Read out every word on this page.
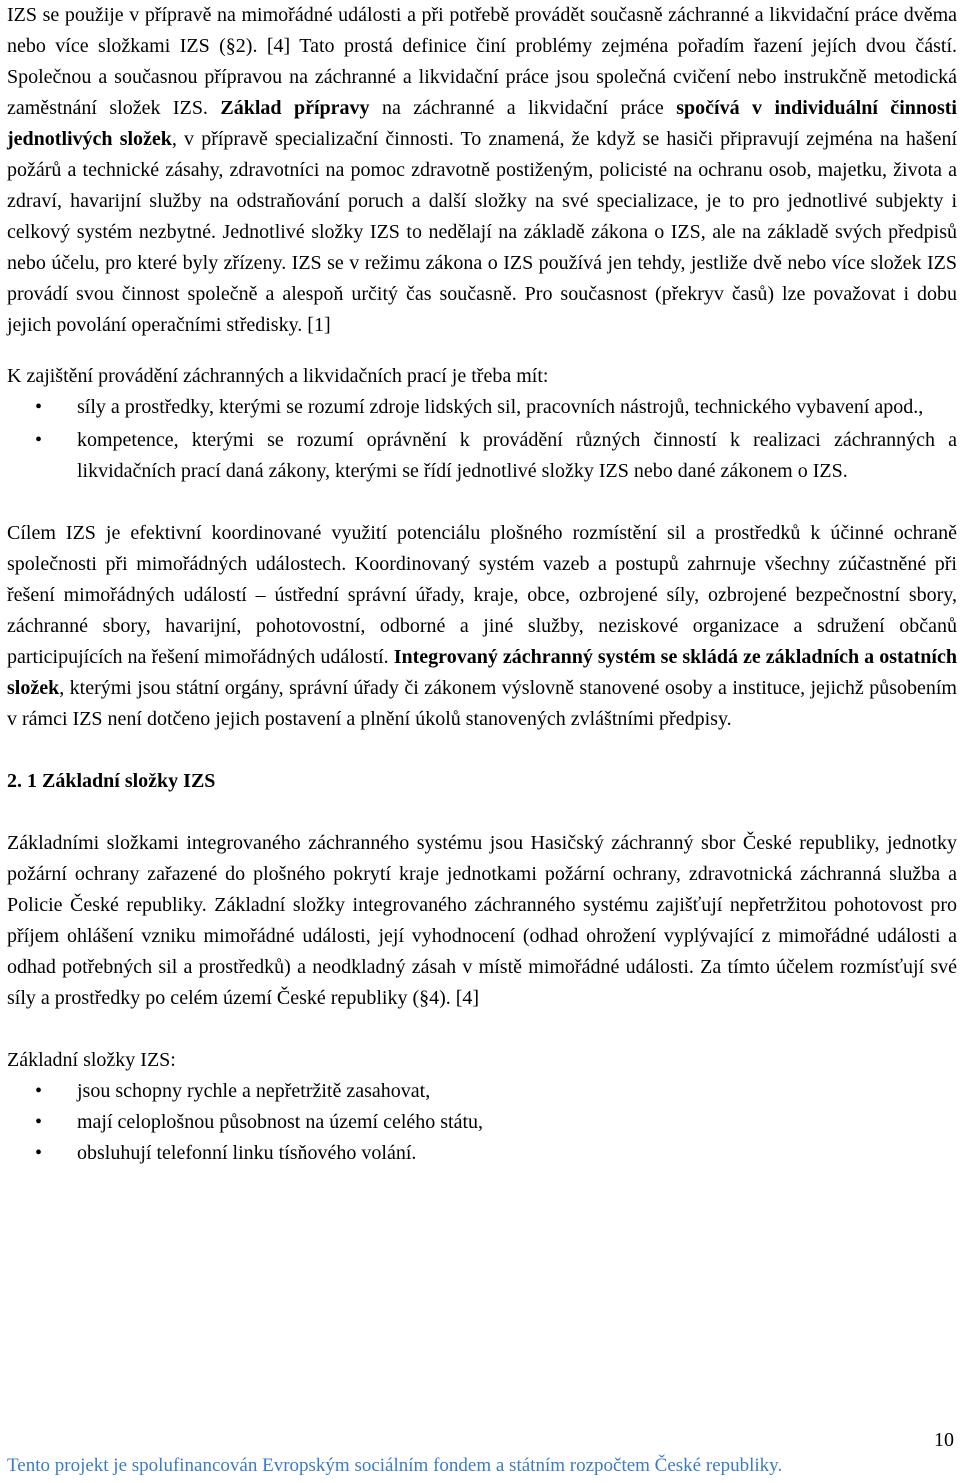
IZS se použije v přípravě na mimořádné události a při potřebě provádět současně záchranné a likvidační práce dvěma nebo více složkami IZS (§2). [4] Tato prostá definice činí problémy zejména pořadím řazení jejích dvou částí. Společnou a současnou přípravou na záchranné a likvidační práce jsou společná cvičení nebo instrukčně metodická zaměstnání složek IZS. Základ přípravy na záchranné a likvidační práce spočívá v individuální činnosti jednotlivých složek, v přípravě specializační činnosti. To znamená, že když se hasiči připravují zejména na hašení požárů a technické zásahy, zdravotníci na pomoc zdravotně postiženým, policisté na ochranu osob, majetku, života a zdraví, havarijní služby na odstraňování poruch a další složky na své specializace, je to pro jednotlivé subjekty i celkový systém nezbytné. Jednotlivé složky IZS to nedělají na základě zákona o IZS, ale na základě svých předpisů nebo účelu, pro které byly zřízeny. IZS se v režimu zákona o IZS používá jen tehdy, jestliže dvě nebo více složek IZS provádí svou činnost společně a alespoň určitý čas současně. Pro současnost (překryv časů) lze považovat i dobu jejich povolání operačními středisky. [1]

K zajištění provádění záchranných a likvidačních prací je třeba mít:

• síly a prostředky, kterými se rozumí zdroje lidských sil, pracovních nástrojů, technického vybavení apod.,
• kompetence, kterými se rozumí oprávnění k provádění různých činností k realizaci záchranných a likvidačních prací daná zákony, kterými se řídí jednotlivé složky IZS nebo dané zákonem o IZS.

Cílem IZS je efektivní koordinované využití potenciálu plošného rozmístění sil a prostředků k účinné ochraně společnosti při mimořádných událostech. Koordinovaný systém vazeb a postupů zahrnuje všechny zúčastněné při řešení mimořádných událostí – ústřední správní úřady, kraje, obce, ozbrojené síly, ozbrojené bezpečnostní sbory, záchranné sbory, havarijní, pohotovostní, odborné a jiné služby, neziskové organizace a sdružení občanů participujících na řešení mimořádných událostí. Integrovaný záchranný systém se skládá ze základních a ostatních složek, kterými jsou státní orgány, správní úřady či zákonem výslovně stanovené osoby a instituce, jejichž působením v rámci IZS není dotčeno jejich postavení a plnění úkolů stanovených zvláštními předpisy.

2. 1 Základní složky IZS

Základními složkami integrovaného záchranného systému jsou Hasičský záchranný sbor České republiky, jednotky požární ochrany zařazené do plošného pokrytí kraje jednotkami požární ochrany, zdravotnická záchranná služba a Policie České republiky. Základní složky integrovaného záchranného systému zajišťují nepřetržitou pohotovost pro příjem ohlášení vzniku mimořádné události, její vyhodnocení (odhad ohrožení vyplývající z mimořádné události a odhad potřebných sil a prostředků) a neodkladný zásah v místě mimořádné události. Za tímto účelem rozmísťují své síly a prostředky po celém území České republiky (§4). [4]

Základní složky IZS:

• jsou schopny rychle a nepřetržitě zasahovat,
• mají celoplošnou působnost na území celého státu,
• obsluhují telefonní linku tísňového volání.
10
Tento projekt je spolufinancován Evropským sociálním fondem a státním rozpočtem České republiky.
